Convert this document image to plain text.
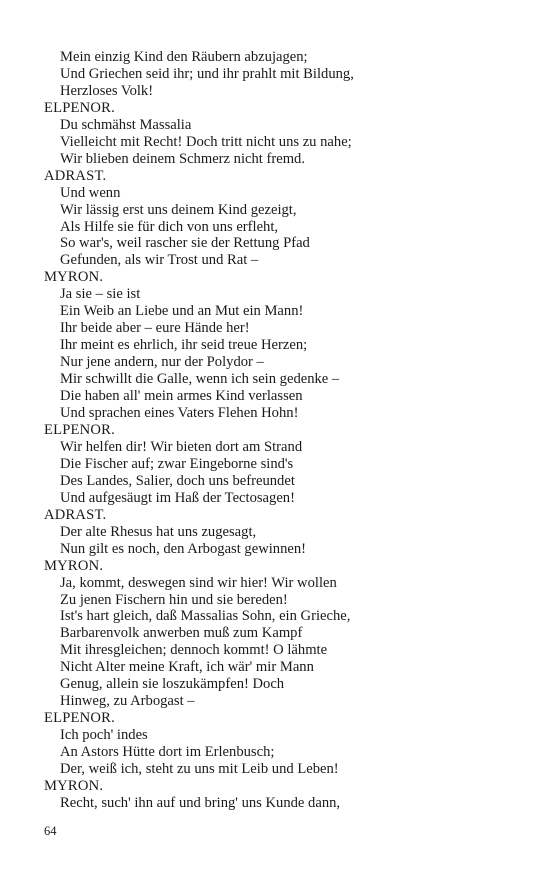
Mein einzig Kind den Räubern abzujagen;
Und Griechen seid ihr; und ihr prahlt mit Bildung,
Herzloses Volk!
ELPENOR.
Du schmähst Massalia
Vielleicht mit Recht! Doch tritt nicht uns zu nahe;
Wir blieben deinem Schmerz nicht fremd.
ADRAST.
Und wenn
Wir lässig erst uns deinem Kind gezeigt,
Als Hilfe sie für dich von uns erfleht,
So war's, weil rascher sie der Rettung Pfad
Gefunden, als wir Trost und Rat –
MYRON.
Ja sie – sie ist
Ein Weib an Liebe und an Mut ein Mann!
Ihr beide aber – eure Hände her!
Ihr meint es ehrlich, ihr seid treue Herzen;
Nur jene andern, nur der Polydor –
Mir schwillt die Galle, wenn ich sein gedenke –
Die haben all' mein armes Kind verlassen
Und sprachen eines Vaters Flehen Hohn!
ELPENOR.
Wir helfen dir! Wir bieten dort am Strand
Die Fischer auf; zwar Eingeborne sind's
Des Landes, Salier, doch uns befreundet
Und aufgesäugt im Haß der Tectosagen!
ADRAST.
Der alte Rhesus hat uns zugesagt,
Nun gilt es noch, den Arbogast gewinnen!
MYRON.
Ja, kommt, deswegen sind wir hier! Wir wollen
Zu jenen Fischern hin und sie bereden!
Ist's hart gleich, daß Massalias Sohn, ein Grieche,
Barbarenvolk anwerben muß zum Kampf
Mit ihresgleichen; dennoch kommt! O lähmte
Nicht Alter meine Kraft, ich wär' mir Mann
Genug, allein sie loszukämpfen! Doch
Hinweg, zu Arbogast –
ELPENOR.
Ich poch' indes
An Astors Hütte dort im Erlenbusch;
Der, weiß ich, steht zu uns mit Leib und Leben!
MYRON.
Recht, such' ihn auf und bring' uns Kunde dann,
64
